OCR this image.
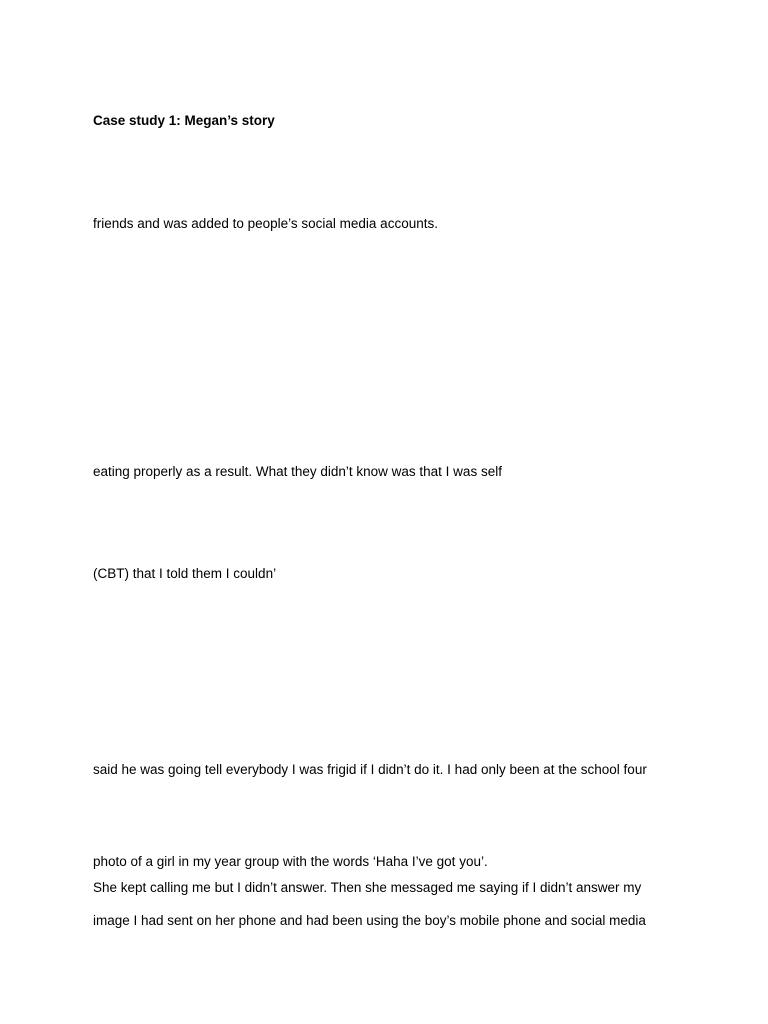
Case study 1: Megan’s story
friends and was added to people’s social media accounts.
eating properly as a result. What they didn’t know was that I was self
(CBT) that I told them I couldn’
said he was going tell everybody I was frigid if I didn’t do it. I had only been at the school four
photo of a girl in my year group with the words ‘Haha I’ve got you’.
She kept calling me but I didn’t answer. Then she messaged me saying if I didn’t answer my
image I had sent on her phone and had been using the boy’s mobile phone and social media
